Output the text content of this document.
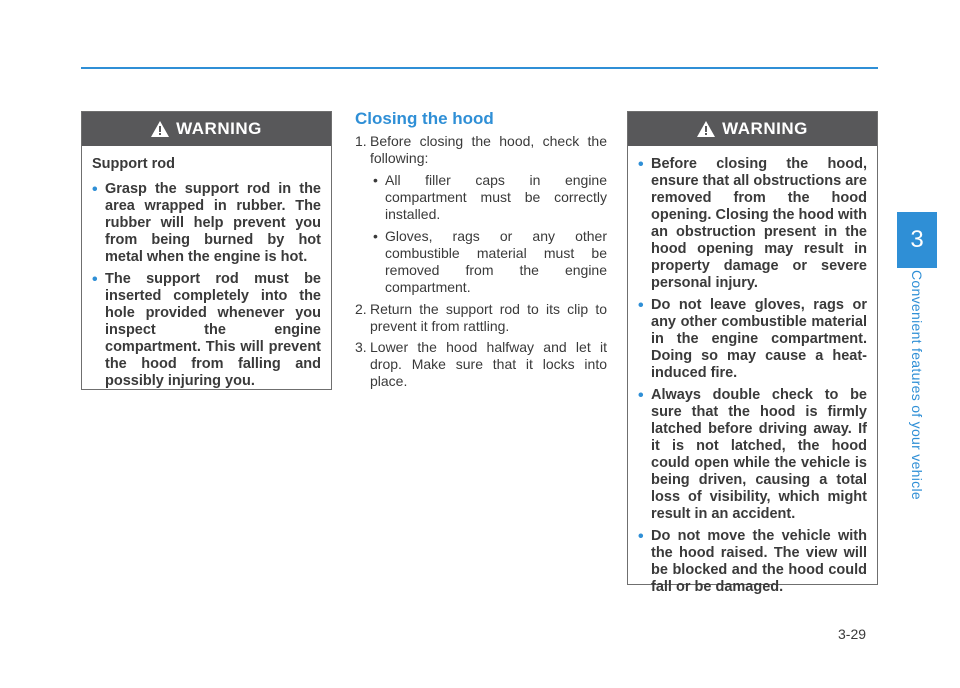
WARNING

Support rod

• Grasp the support rod in the area wrapped in rubber. The rubber will help prevent you from being burned by hot metal when the engine is hot.
• The support rod must be inserted completely into the hole provided whenever you inspect the engine compartment. This will prevent the hood from falling and possibly injuring you.
Closing the hood
1. Before closing the hood, check the following:
• All filler caps in engine compartment must be correctly installed.
• Gloves, rags or any other combustible material must be removed from the engine compartment.
2. Return the support rod to its clip to prevent it from rattling.
3. Lower the hood halfway and let it drop. Make sure that it locks into place.
WARNING
• Before closing the hood, ensure that all obstructions are removed from the hood opening. Closing the hood with an obstruction present in the hood opening may result in property damage or severe personal injury.
• Do not leave gloves, rags or any other combustible material in the engine compartment. Doing so may cause a heat-induced fire.
• Always double check to be sure that the hood is firmly latched before driving away. If it is not latched, the hood could open while the vehicle is being driven, causing a total loss of visibility, which might result in an accident.
• Do not move the vehicle with the hood raised. The view will be blocked and the hood could fall or be damaged.
3
Convenient features of your vehicle
3-29
